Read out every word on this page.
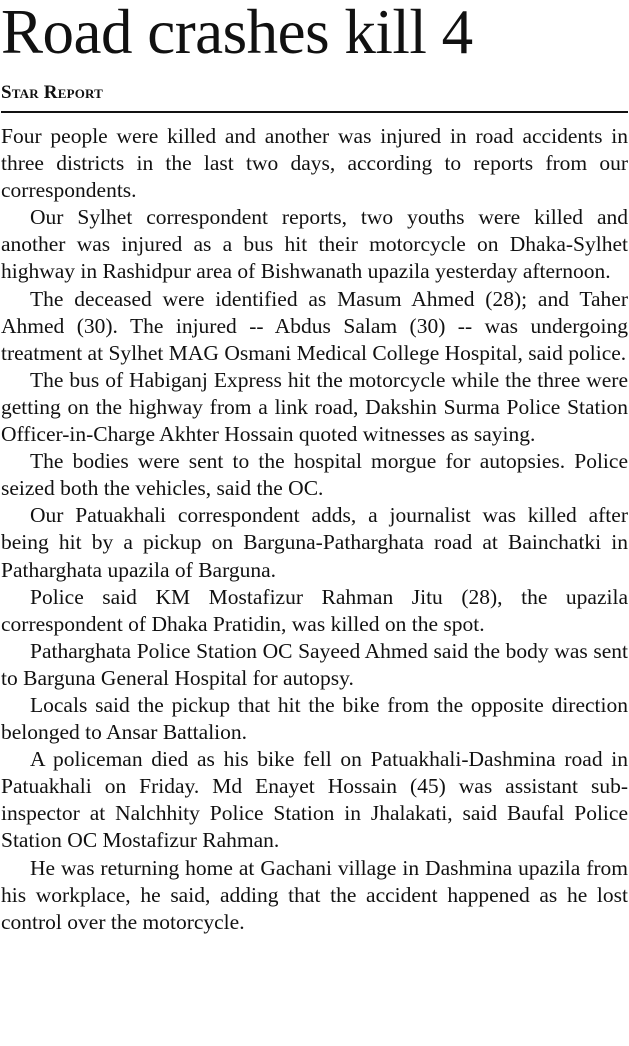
Road crashes kill 4
Star Report

Four people were killed and another was injured in road accidents in three districts in the last two days, according to reports from our correspondents.

Our Sylhet correspondent reports, two youths were killed and another was injured as a bus hit their motorcycle on Dhaka-Sylhet highway in Rashidpur area of Bishwanath upazila yesterday afternoon.

The deceased were identified as Masum Ahmed (28); and Taher Ahmed (30). The injured -- Abdus Salam (30) -- was undergoing treatment at Sylhet MAG Osmani Medical College Hospital, said police.

The bus of Habiganj Express hit the motorcycle while the three were getting on the highway from a link road, Dakshin Surma Police Station Officer-in-Charge Akhter Hossain quoted witnesses as saying.

The bodies were sent to the hospital morgue for autopsies. Police seized both the vehicles, said the OC.

Our Patuakhali correspondent adds, a journalist was killed after being hit by a pickup on Barguna-Patharghata road at Bainchatki in Patharghata upazila of Barguna.

Police said KM Mostafizur Rahman Jitu (28), the upazila correspondent of Dhaka Pratidin, was killed on the spot.

Patharghata Police Station OC Sayeed Ahmed said the body was sent to Barguna General Hospital for autopsy.

Locals said the pickup that hit the bike from the opposite direction belonged to Ansar Battalion.

A policeman died as his bike fell on Patuakhali-Dashmina road in Patuakhali on Friday. Md Enayet Hossain (45) was assistant sub-inspector at Nalchhity Police Station in Jhalakati, said Baufal Police Station OC Mostafizur Rahman.

He was returning home at Gachani village in Dashmina upazila from his workplace, he said, adding that the accident happened as he lost control over the motorcycle.
